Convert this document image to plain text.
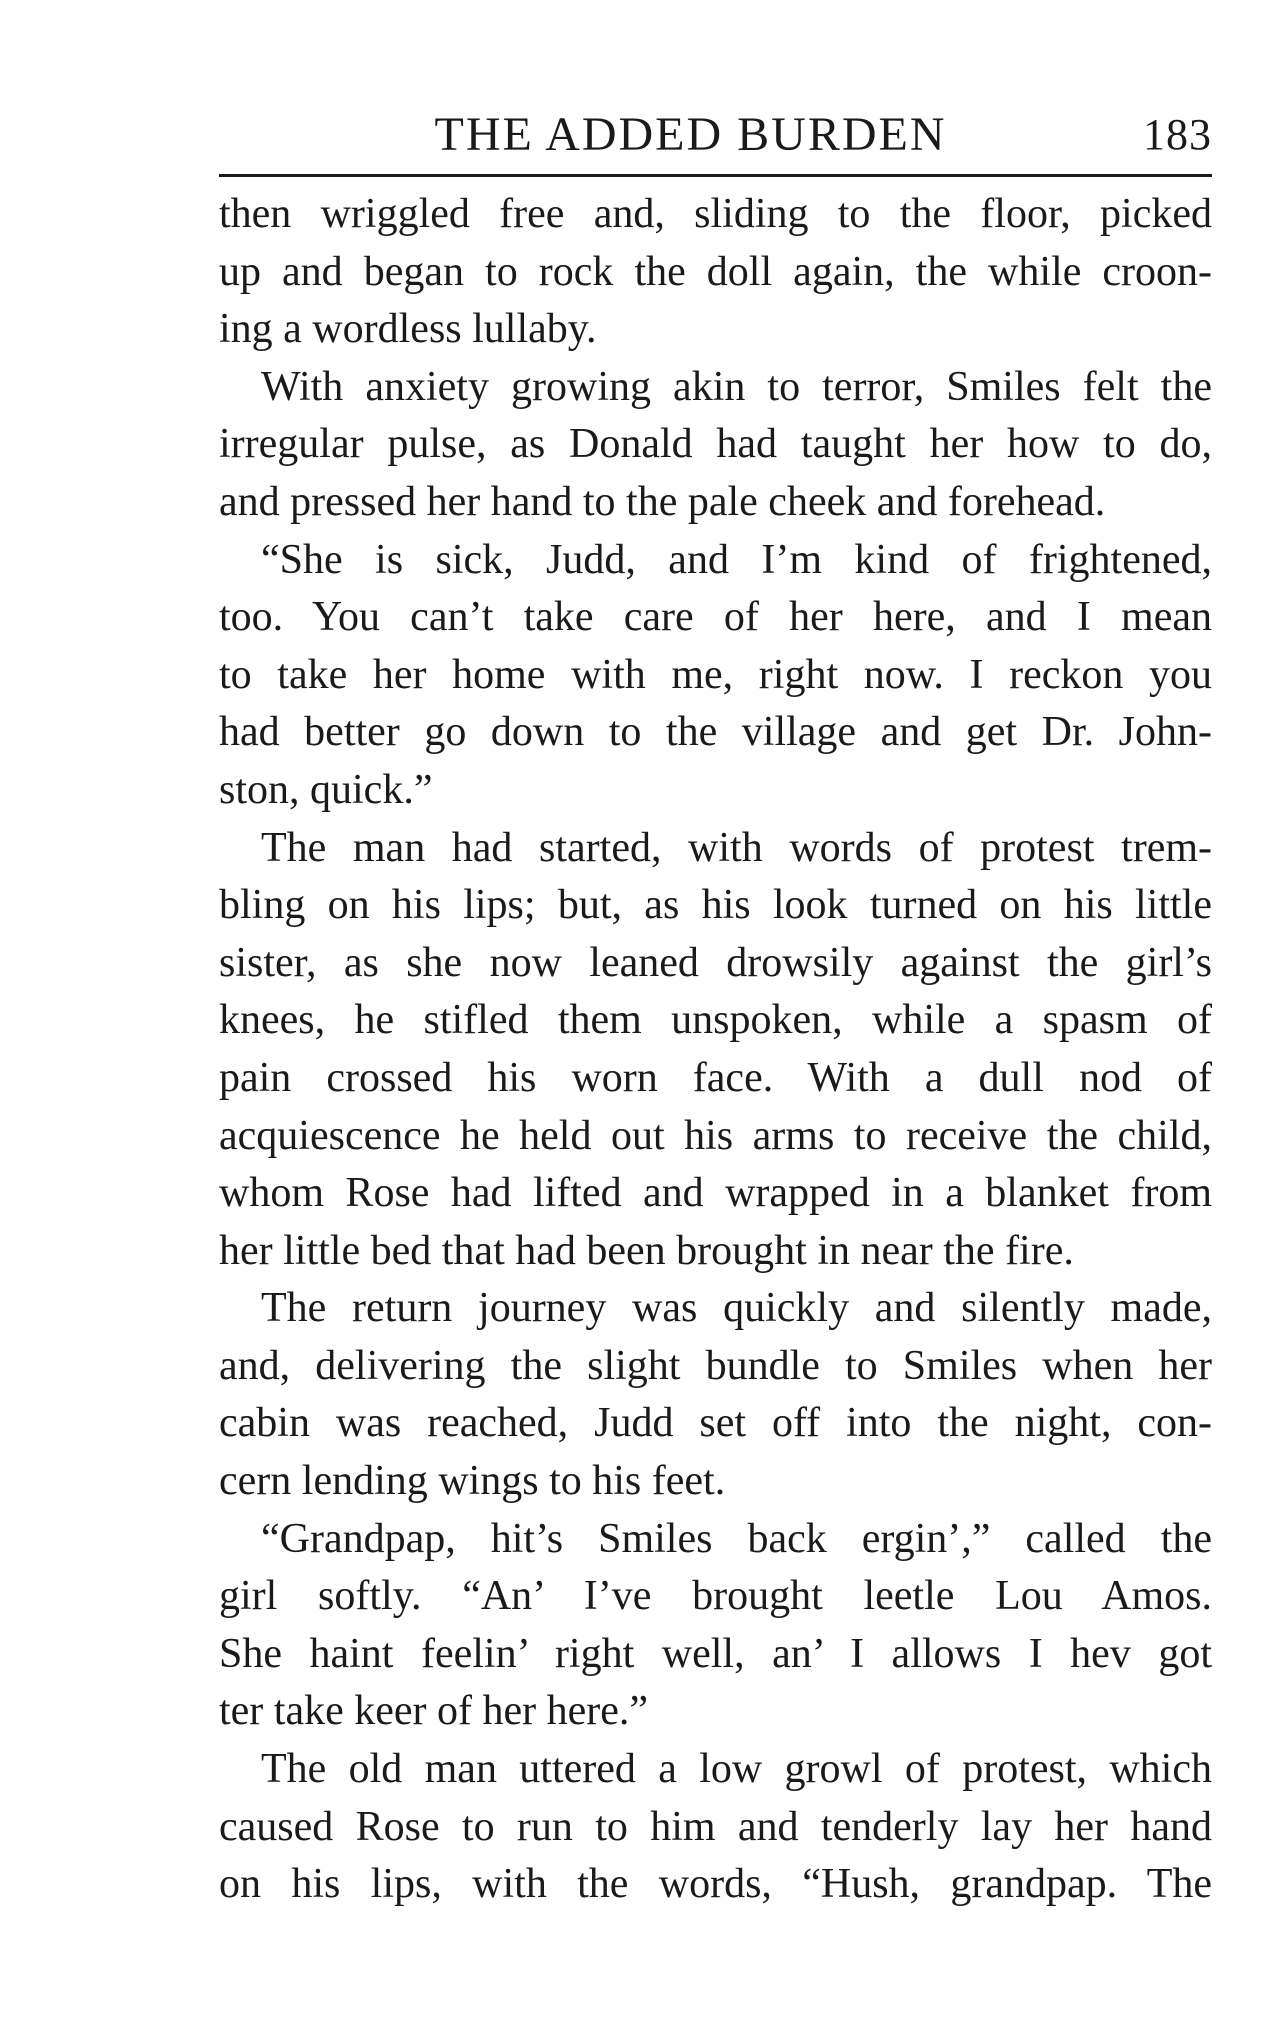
THE ADDED BURDEN	183
then wriggled free and, sliding to the floor, picked
up and began to rock the doll again, the while croon-
ing a wordless lullaby.
With anxiety growing akin to terror, Smiles felt the
irregular pulse, as Donald had taught her how to do,
and pressed her hand to the pale cheek and forehead.
“She is sick, Judd, and I’m kind of frightened,
too. You can’t take care of her here, and I mean
to take her home with me, right now. I reckon you
had better go down to the village and get Dr. John-
ston, quick.”
The man had started, with words of protest trem-
bling on his lips; but, as his look turned on his little
sister, as she now leaned drowsily against the girl’s
knees, he stifled them unspoken, while a spasm of
pain crossed his worn face. With a dull nod of
acquiescence he held out his arms to receive the child,
whom Rose had lifted and wrapped in a blanket from
her little bed that had been brought in near the fire.
The return journey was quickly and silently made,
and, delivering the slight bundle to Smiles when her
cabin was reached, Judd set off into the night, con-
cern lending wings to his feet.
“Grandpap, hit’s Smiles back ergin’,” called the
girl softly. “An’ I’ve brought leetle Lou Amos.
She haint feelin’ right well, an’ I allows I hev got
ter take keer of her here.”
The old man uttered a low growl of protest, which
caused Rose to run to him and tenderly lay her hand
on his lips, with the words, “Hush, grandpap. The
